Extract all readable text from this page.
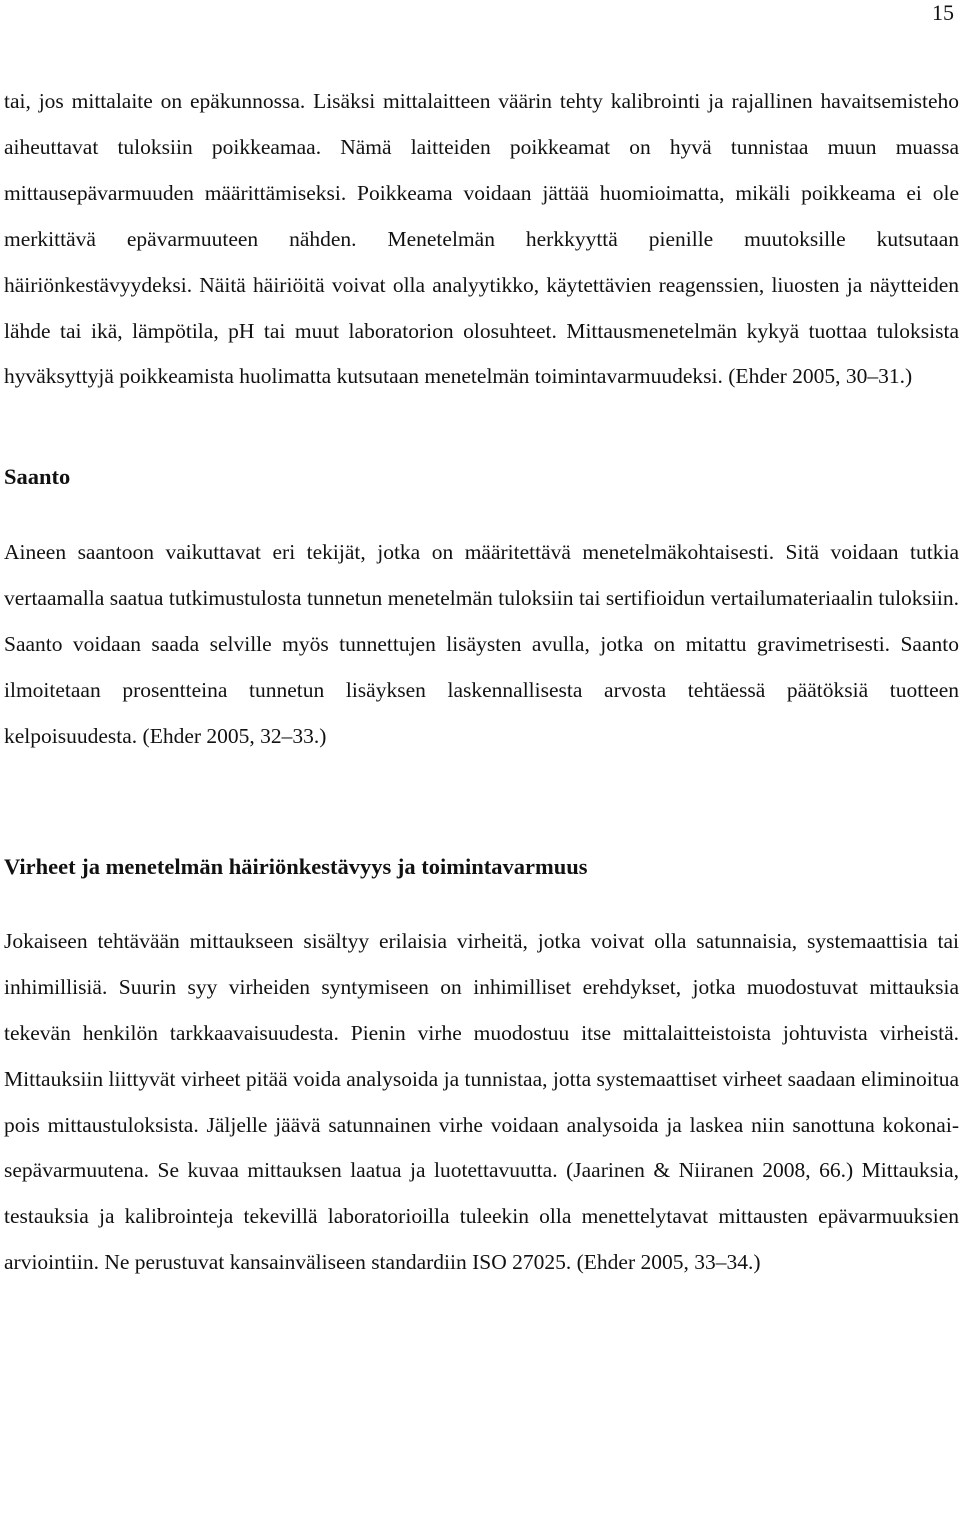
15

tai, jos mittalaite on epäkunnossa. Lisäksi mittalaitteen väärin tehty kalibrointi ja rajallinen havaitsemisteho aiheuttavat tuloksiin poikkeamaa. Nämä laitteiden poikkeamat on hyvä tunnistaa muun muassa mittausepävarmuuden määrittämiseksi. Poikkeama voidaan jättää huomioimatta, mikäli poikkeama ei ole merkittävä epävarmuuteen nähden. Menetelmän herkkyyttä pienille muutoksille kutsutaan häiriönkestävyydeksi. Näitä häiriöitä voivat olla analyytikko, käytettävien reagenssien, liuosten ja näytteiden lähde tai ikä, lämpötila, pH tai muut laboratorion olosuhteet. Mittausmenetelmän kykyä tuottaa tuloksista hyväksyttyjä poikkeamista huolimatta kutsutaan menetelmän toimintavarmuudeksi. (Ehder 2005, 30–31.)

Saanto

Aineen saantoon vaikuttavat eri tekijät, jotka on määritettävä menetelmäkohtaisesti. Sitä voidaan tutkia vertaamalla saatua tutkimustulosta tunnetun menetelmän tuloksiin tai sertifioidun vertailumateriaalin tuloksiin. Saanto voidaan saada selville myös tunnettujen lisäysten avulla, jotka on mitattu gravimetrisesti. Saanto ilmoitetaan prosentteina tunnetun lisäyksen laskennallisesta arvosta tehtäessä päätöksiä tuotteen kelpoisuudesta. (Ehder 2005, 32–33.)

Virheet ja menetelmän häiriönkestävyys ja toimintavarmuus

Jokaiseen tehtävään mittaukseen sisältyy erilaisia virheitä, jotka voivat olla satunnaisia, systemaattisia tai inhimillisiä. Suurin syy virheiden syntymiseen on inhimilliset erehdykset, jotka muodostuvat mittauksia tekevän henkilön tarkkaavaisuudesta. Pienin virhe muodostuu itse mittalaitteistoista johtuvista virheistä. Mittauksiin liittyvät virheet pitää voida analysoida ja tunnistaa, jotta systemaattiset virheet saadaan eliminoitua pois mittaustuloksista. Jäljelle jäävä satunnainen virhe voidaan analysoida ja laskea niin sanottuna kokonaisepävarmuutena. Se kuvaa mittauksen laatua ja luotettavuutta. (Jaarinen & Niiranen 2008, 66.) Mittauksia, testauksia ja kalibrointeja tekevillä laboratorioilla tuleekin olla menettelytavat mittausten epävarmuuksien arviointiin. Ne perustuvat kansainväliseen standardiin ISO 27025. (Ehder 2005, 33–34.)
